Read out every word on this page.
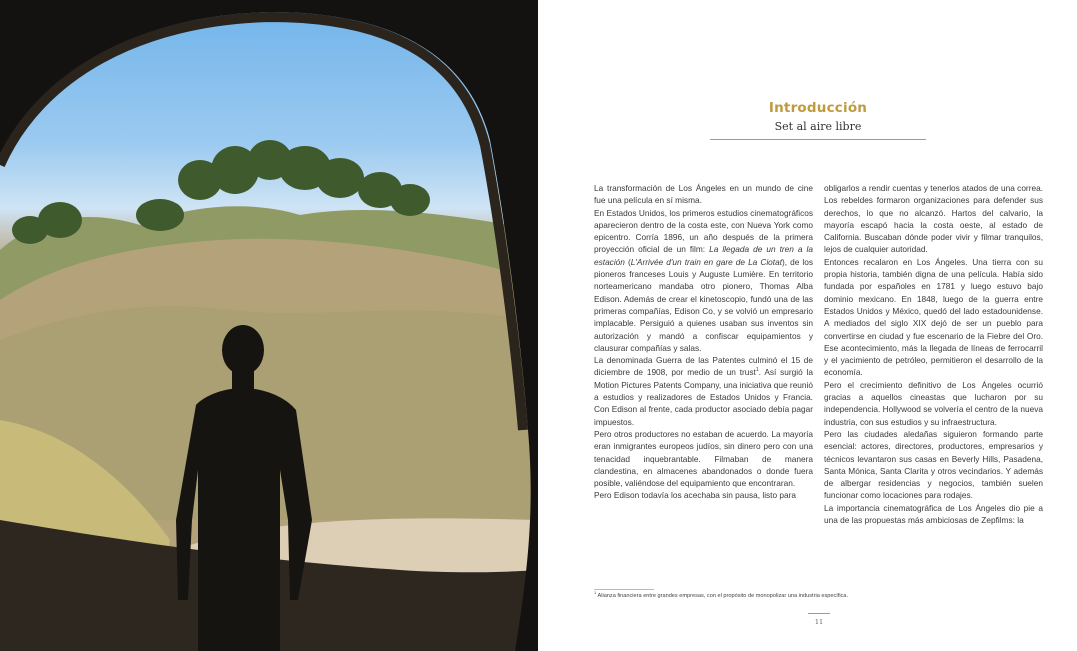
Introducción
Set al aire libre

La transformación de Los Ángeles en un mundo de cine fue una película en sí misma.

En Estados Unidos, los primeros estudios cinematográficos aparecieron dentro de la costa este, con Nueva York como epicentro. Corría 1896, un año después de la primera proyección oficial de un film: La llegada de un tren a la estación (L'Arrivée d'un train en gare de La Ciotat), de los pioneros franceses Louis y Auguste Lumière. En territorio norteamericano mandaba otro pionero, Thomas Alba Edison. Además de crear el kinetoscopio, fundó una de las primeras compañías, Edison Co, y se volvió un empresario implacable. Persiguió a quienes usaban sus inventos sin autorización y mandó a confiscar equipamientos y clausurar compañías y salas.

La denominada Guerra de las Patentes culminó el 15 de diciembre de 1908, por medio de un trust$^1$. Así surgió la Motion Pictures Patents Company, una iniciativa que reunió a estudios y realizadores de Estados Unidos y Francia. Con Edison al frente, cada productor asociado debía pagar impuestos.

Pero otros productores no estaban de acuerdo. La mayoría eran inmigrantes europeos judíos, sin dinero pero con una tenacidad inquebrantable. Filmaban de manera clandestina, en almacenes abandonados o donde fuera posible, valiéndose del equipamiento que encontraran.

Pero Edison todavía los acechaba sin pausa, listo para

obligarlos a rendir cuentas y tenerlos atados de una correa. Los rebeldes formaron organizaciones para defender sus derechos, lo que no alcanzó. Hartos del calvario, la mayoría escapó hacia la costa oeste, al estado de California. Buscaban dónde poder vivir y filmar tranquilos, lejos de cualquier autoridad.

Entonces recalaron en Los Ángeles. Una tierra con su propia historia, también digna de una película. Había sido fundada por españoles en 1781 y luego estuvo bajo dominio mexicano. En 1848, luego de la guerra entre Estados Unidos y México, quedó del lado estadounidense. A mediados del siglo XIX dejó de ser un pueblo para convertirse en ciudad y fue escenario de la Fiebre del Oro. Ese acontecimiento, más la llegada de líneas de ferrocarril y el yacimiento de petróleo, permitieron el desarrollo de la economía.

Pero el crecimiento definitivo de Los Ángeles ocurrió gracias a aquellos cineastas que lucharon por su independencia. Hollywood se volvería el centro de la nueva industria, con sus estudios y su infraestructura.

Pero las ciudades aledañas siguieron formando parte esencial: actores, directores, productores, empresarios y técnicos levantaron sus casas en Beverly Hills, Pasadena, Santa Mónica, Santa Clarita y otros vecindarios. Y además de albergar residencias y negocios, también suelen funcionar como locaciones para rodajes.

La importancia cinematográfica de Los Ángeles dio pie a una de las propuestas más ambiciosas de Zepfilms: la

$^1$ Alianza financiera entre grandes empresas, con el propósito de monopolizar una industria específica.
11
